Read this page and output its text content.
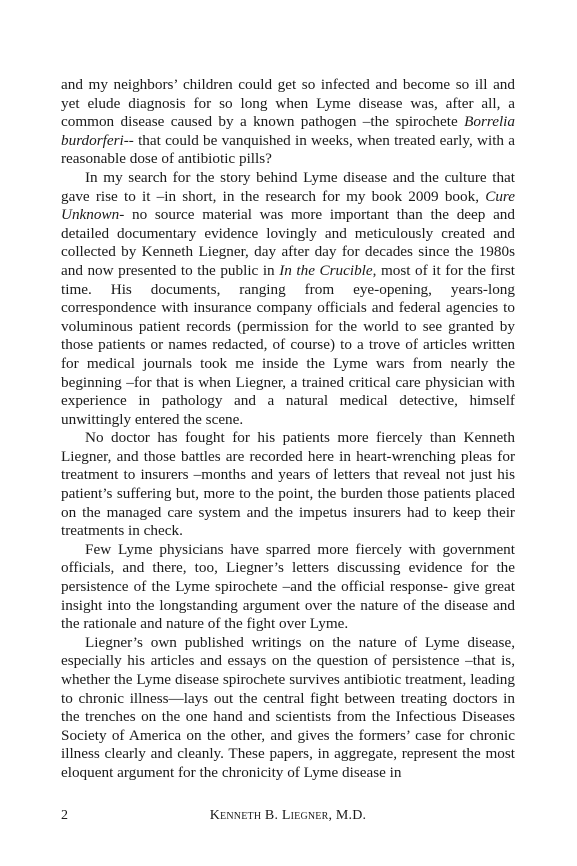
and my neighbors’ children could get so infected and become so ill and yet elude diagnosis for so long when Lyme disease was, after all, a common disease caused by a known pathogen –the spirochete Borrelia burdorferi-- that could be vanquished in weeks, when treated early, with a reasonable dose of antibiotic pills?

In my search for the story behind Lyme disease and the culture that gave rise to it –in short, in the research for my book 2009 book, Cure Unknown- no source material was more important than the deep and detailed documentary evidence lovingly and meticulously created and collected by Kenneth Liegner, day after day for decades since the 1980s and now presented to the public in In the Crucible, most of it for the first time. His documents, ranging from eye-opening, years-long correspondence with insurance company officials and federal agencies to voluminous patient records (permission for the world to see granted by those patients or names redacted, of course) to a trove of articles written for medical journals took me inside the Lyme wars from nearly the beginning –for that is when Liegner, a trained critical care physician with experience in pathology and a natural medical detective, himself unwittingly entered the scene.

No doctor has fought for his patients more fiercely than Kenneth Liegner, and those battles are recorded here in heart-wrenching pleas for treatment to insurers –months and years of letters that reveal not just his patient’s suffering but, more to the point, the burden those patients placed on the managed care system and the impetus insurers had to keep their treatments in check.

Few Lyme physicians have sparred more fiercely with government officials, and there, too, Liegner’s letters discussing evidence for the persistence of the Lyme spirochete –and the official response- give great insight into the longstanding argument over the nature of the disease and the rationale and nature of the fight over Lyme.

Liegner’s own published writings on the nature of Lyme disease, especially his articles and essays on the question of persistence –that is, whether the Lyme disease spirochete survives antibiotic treatment, leading to chronic illness—lays out the central fight between treating doctors in the trenches on the one hand and scientists from the Infectious Diseases Society of America on the other, and gives the formers’ case for chronic illness clearly and cleanly. These papers, in aggregate, represent the most eloquent argument for the chronicity of Lyme disease in

2	Kenneth B. Liegner, M.D.
